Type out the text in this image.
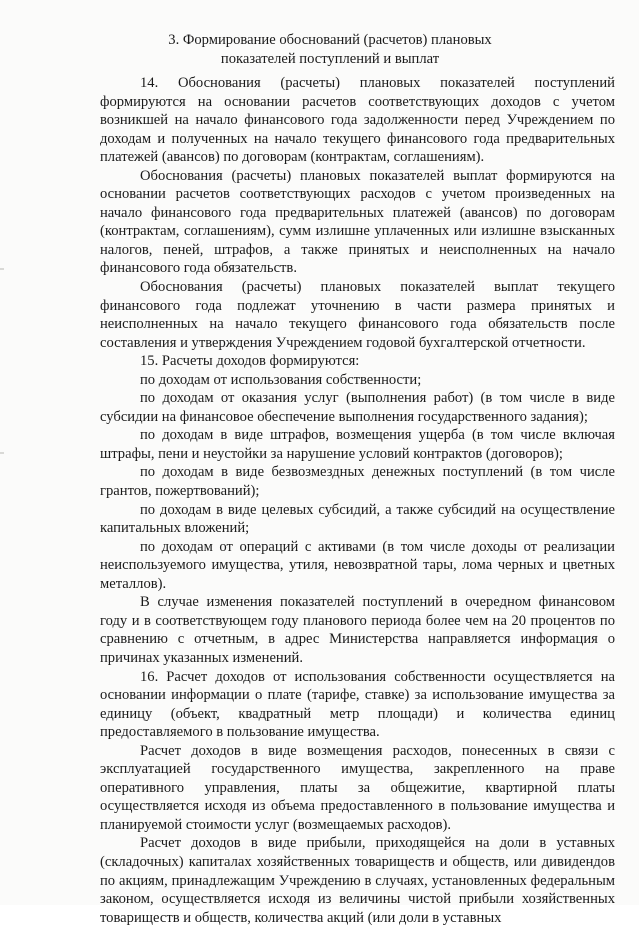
3. Формирование обоснований (расчетов) плановых
показателей поступлений и выплат

14. Обоснования (расчеты) плановых показателей поступлений формируются на основании расчетов соответствующих доходов с учетом возникшей на начало финансового года задолженности перед Учреждением по доходам и полученных на начало текущего финансового года предварительных платежей (авансов) по договорам (контрактам, соглашениям).

Обоснования (расчеты) плановых показателей выплат формируются на основании расчетов соответствующих расходов с учетом произведенных на начало финансового года предварительных платежей (авансов) по договорам (контрактам, соглашениям), сумм излишне уплаченных или излишне взысканных налогов, пеней, штрафов, а также принятых и неисполненных на начало финансового года обязательств.

Обоснования (расчеты) плановых показателей выплат текущего финансового года подлежат уточнению в части размера принятых и неисполненных на начало текущего финансового года обязательств после составления и утверждения Учреждением годовой бухгалтерской отчетности.

15. Расчеты доходов формируются:

по доходам от использования собственности;

по доходам от оказания услуг (выполнения работ) (в том числе в виде субсидии на финансовое обеспечение выполнения государственного задания);

по доходам в виде штрафов, возмещения ущерба (в том числе включая штрафы, пени и неустойки за нарушение условий контрактов (договоров);

по доходам в виде безвозмездных денежных поступлений (в том числе грантов, пожертвований);

по доходам в виде целевых субсидий, а также субсидий на осуществление капитальных вложений;

по доходам от операций с активами (в том числе доходы от реализации неиспользуемого имущества, утиля, невозвратной тары, лома черных и цветных металлов).

В случае изменения показателей поступлений в очередном финансовом году и в соответствующем году планового периода более чем на 20 процентов по сравнению с отчетным, в адрес Министерства направляется информация о причинах указанных изменений.

16. Расчет доходов от использования собственности осуществляется на основании информации о плате (тарифе, ставке) за использование имущества за единицу (объект, квадратный метр площади) и количества единиц предоставляемого в пользование имущества.

Расчет доходов в виде возмещения расходов, понесенных в связи с эксплуатацией государственного имущества, закрепленного на праве оперативного управления, платы за общежитие, квартирной платы осуществляется исходя из объема предоставленного в пользование имущества и планируемой стоимости услуг (возмещаемых расходов).

Расчет доходов в виде прибыли, приходящейся на доли в уставных (складочных) капиталах хозяйственных товариществ и обществ, или дивидендов по акциям, принадлежащим Учреждению в случаях, установленных федеральным законом, осуществляется исходя из величины чистой прибыли хозяйственных товариществ и обществ, количества акций (или доли в уставных
